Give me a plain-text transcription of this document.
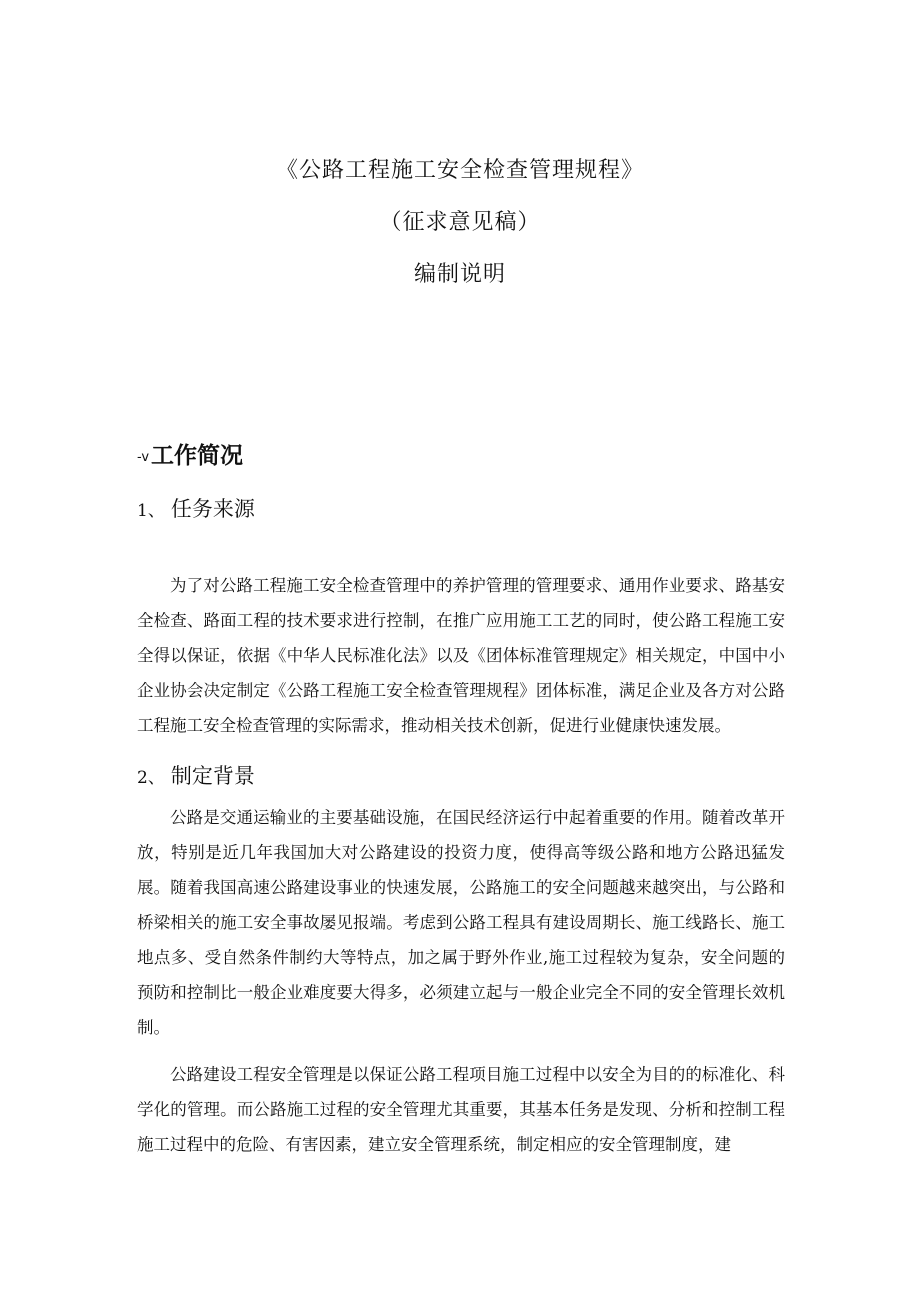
《公路工程施工安全检查管理规程》
（征求意见稿）
编制说明
-v工作简况
1、 任务来源

为了对公路工程施工安全检查管理中的养护管理的管理要求、通用作业要求、路基安全检查、路面工程的技术要求进行控制，在推广应用施工工艺的同时，使公路工程施工安全得以保证，依据《中华人民标准化法》以及《团体标准管理规定》相关规定，中国中小企业协会决定制定《公路工程施工安全检查管理规程》团体标准，满足企业及各方对公路工程施工安全检查管理的实际需求，推动相关技术创新，促进行业健康快速发展。

2、 制定背景

公路是交通运输业的主要基础设施，在国民经济运行中起着重要的作用。随着改革开放，特别是近几年我国加大对公路建设的投资力度，使得高等级公路和地方公路迅猛发展。随着我国高速公路建设事业的快速发展，公路施工的安全问题越来越突出，与公路和桥梁相关的施工安全事故屡见报端。考虑到公路工程具有建设周期长、施工线路长、施工地点多、受自然条件制约大等特点，加之属于野外作业,施工过程较为复杂，安全问题的预防和控制比一般企业难度要大得多，必须建立起与一般企业完全不同的安全管理长效机制。

公路建设工程安全管理是以保证公路工程项目施工过程中以安全为目的的标准化、科学化的管理。而公路施工过程的安全管理尤其重要，其基本任务是发现、分析和控制工程施工过程中的危险、有害因素，建立安全管理系统，制定相应的安全管理制度，建
